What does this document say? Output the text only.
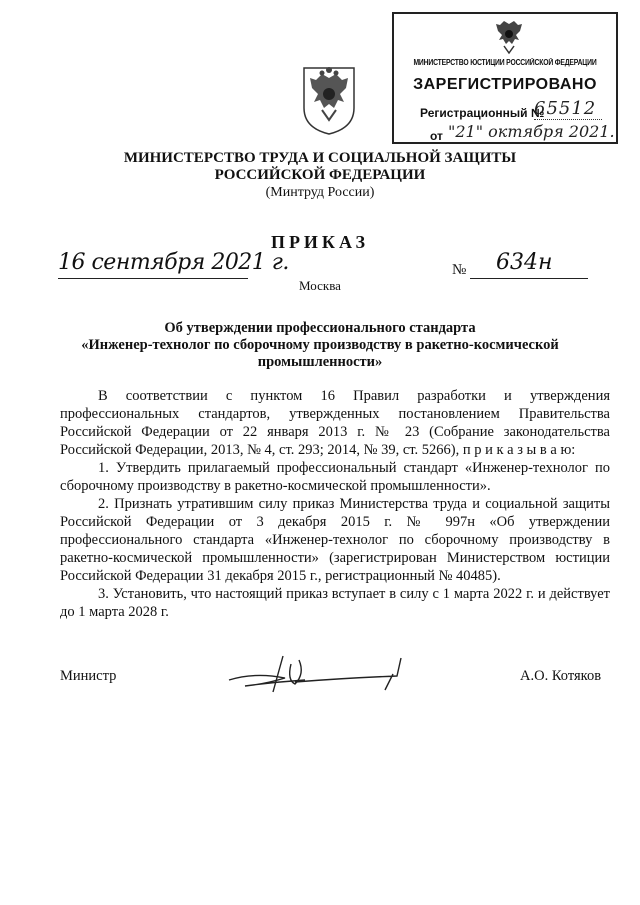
МИНИСТЕРСТВО ЮСТИЦИИ РОССИЙСКОЙ ФЕДЕРАЦИИ
ЗАРЕГИСТРИРОВАНО
Регистрационный №
65512
от "21" октября 2021.
МИНИСТЕРСТВО ТРУДА И СОЦИАЛЬНОЙ ЗАЩИТЫ
РОССИЙСКОЙ ФЕДЕРАЦИИ
(Минтруд России)
ПРИКАЗ
16 сентября 2021 г.	№ 634н
Москва
Об утверждении профессионального стандарта
«Инженер-технолог по сборочному производству в ракетно-космической
промышленности»

В соответствии с пунктом 16 Правил разработки и утверждения профессиональных стандартов, утвержденных постановлением Правительства Российской Федерации от 22 января 2013 г. № 23 (Собрание законодательства Российской Федерации, 2013, № 4, ст. 293; 2014, № 39, ст. 5266), п р и к а з ы в а ю:

1. Утвердить прилагаемый профессиональный стандарт «Инженер-технолог по сборочному производству в ракетно-космической промышленности».

2. Признать утратившим силу приказ Министерства труда и социальной защиты Российской Федерации от 3 декабря 2015 г. № 997н «Об утверждении профессионального стандарта «Инженер-технолог по сборочному производству в ракетно-космической промышленности» (зарегистрирован Министерством юстиции Российской Федерации 31 декабря 2015 г., регистрационный № 40485).

3. Установить, что настоящий приказ вступает в силу с 1 марта 2022 г. и действует до 1 марта 2028 г.

Министр	А.О. Котяков
